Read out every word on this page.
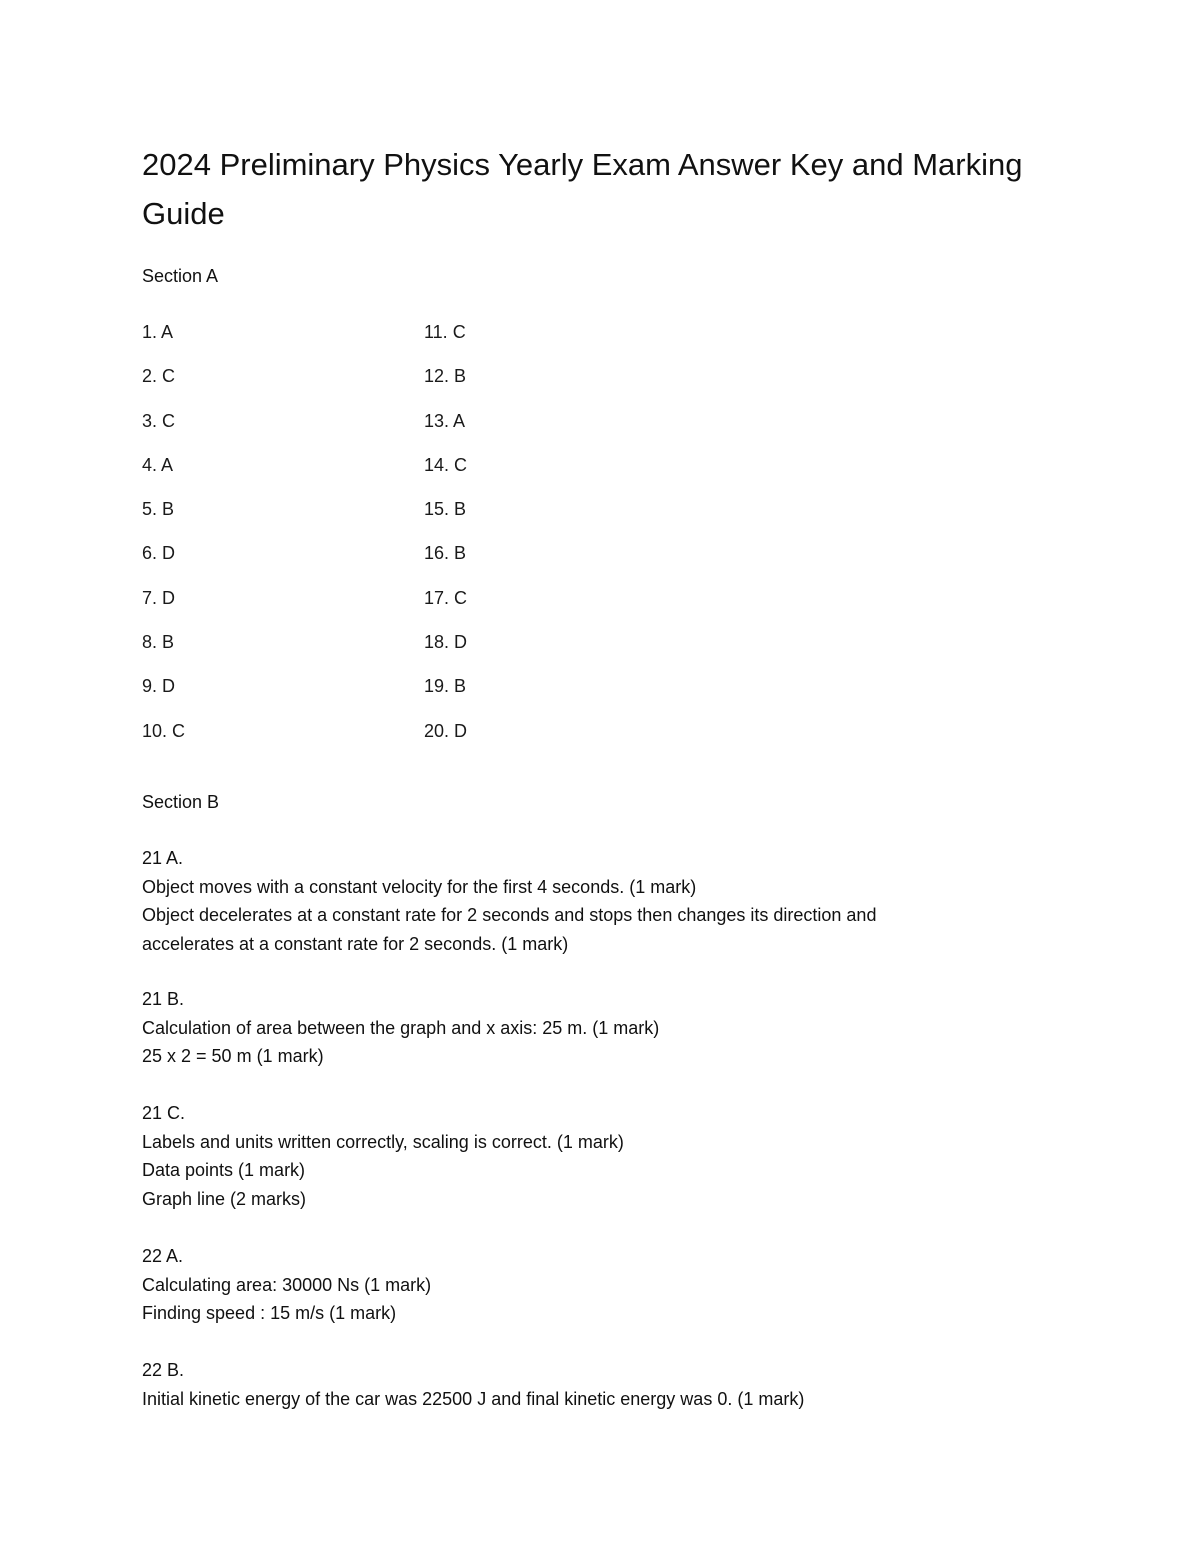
2024 Preliminary Physics Yearly Exam Answer Key and Marking Guide

Section A

1. A	11. C
2. C	12. B
3. C	13. A
4. A	14. C
5. B	15. B
6. D	16. B
7. D	17. C
8. B	18. D
9. D	19. B
10. C	20. D

Section B

21 A.
Object moves with a constant velocity for the first 4 seconds. (1 mark)
Object decelerates at a constant rate for 2 seconds and stops then changes its direction and
accelerates at a constant rate for 2 seconds. (1 mark)
21 B.
Calculation of area between the graph and x axis: 25 m. (1 mark)
25 x 2 = 50 m (1 mark)
21 C.
Labels and units written correctly, scaling is correct. (1 mark)
Data points (1 mark)
Graph line (2 marks)
22 A.
Calculating area: 30000 Ns (1 mark)
Finding speed : 15 m/s (1 mark)
22 B.
Initial kinetic energy of the car was 22500 J and final kinetic energy was 0. (1 mark)
